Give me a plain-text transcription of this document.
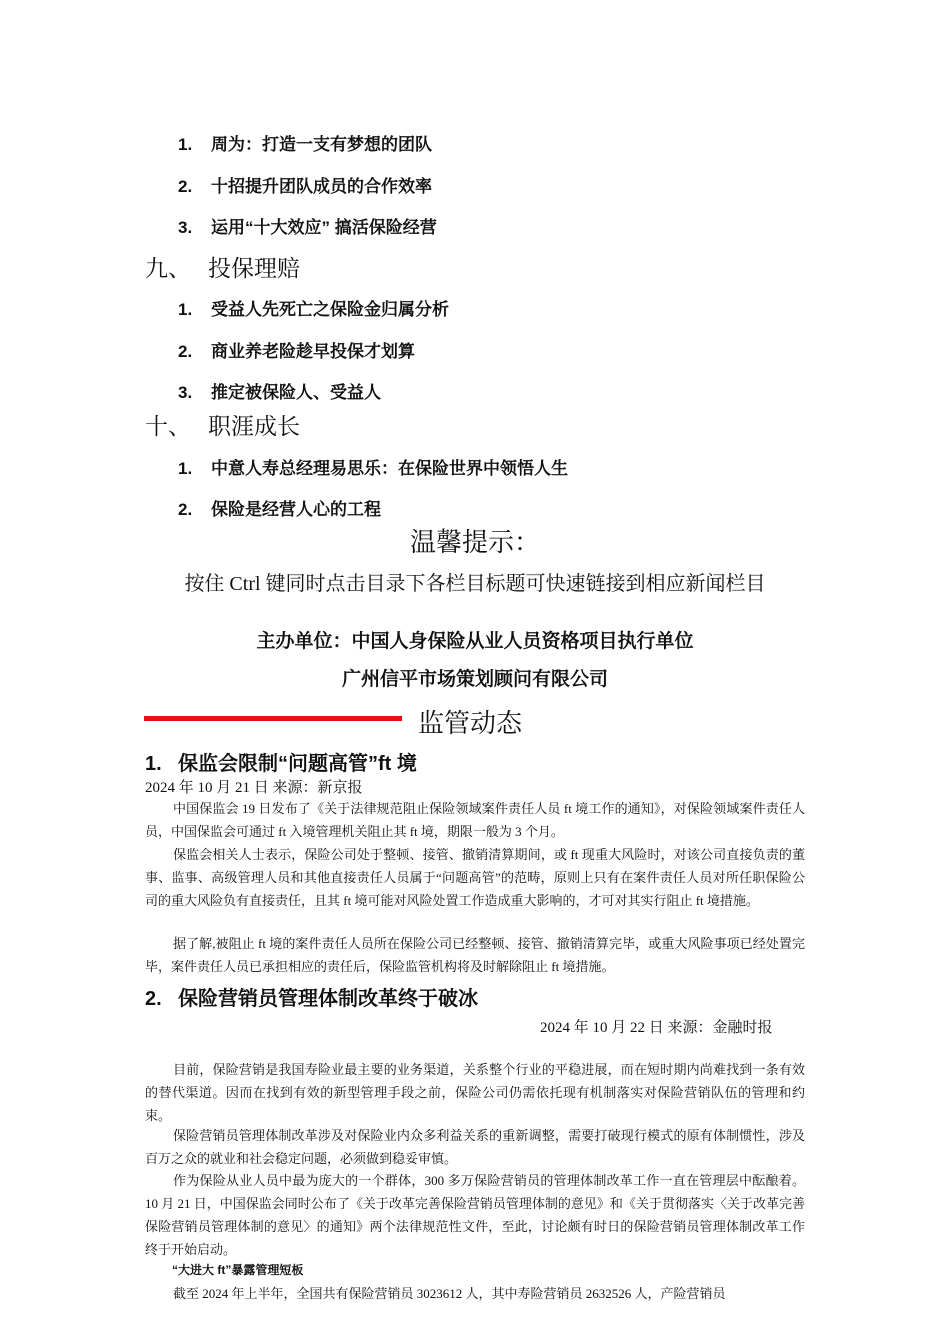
1. 周为：打造一支有梦想的团队
2. 十招提升团队成员的合作效率
3. 运用“十大效应” 搞活保险经营
九、 投保理赔
1. 受益人先死亡之保险金归属分析
2. 商业养老险趁早投保才划算
3. 推定被保险人、受益人
十、 职涯成长
1. 中意人寿总经理易思乐：在保险世界中领悟人生
2. 保险是经营人心的工程
温馨提示：
按住 Ctrl 键同时点击目录下各栏目标题可快速链接到相应新闻栏目
主办单位：中国人身保险从业人员资格项目执行单位
广州信平市场策划顾问有限公司
监管动态
1. 保监会限制“问题高管”ft 境
2024 年 10 月 21 日 来源：新京报

中国保监会 19 日发布了《关于法律规范阻止保险领域案件责任人员 ft 境工作的通知》，对保险领域案件责任人员，中国保监会可通过 ft 入境管理机关阻止其 ft 境，期限一般为 3 个月。

保监会相关人士表示，保险公司处于整顿、接管、撤销清算期间，或 ft 现重大风险时，对该公司直接负责的董事、监事、高级管理人员和其他直接责任人员属于“问题高管”的范畴，原则上只有在案件责任人员对所任职保险公司的重大风险负有直接责任，且其 ft 境可能对风险处置工作造成重大影响的，才可对其实行阻止 ft 境措施。

据了解,被阻止 ft 境的案件责任人员所在保险公司已经整顿、接管、撤销清算完毕，或重大风险事项已经处置完毕，案件责任人员已承担相应的责任后，保险监管机构将及时解除阻止 ft 境措施。

2. 保险营销员管理体制改革终于破冰
2024 年 10 月 22 日 来源：金融时报

目前，保险营销是我国寿险业最主要的业务渠道，关系整个行业的平稳进展，而在短时期内尚难找到一条有效的替代渠道。因而在找到有效的新型管理手段之前，保险公司仍需依托现有机制落实对保险营销队伍的管理和约束。

保险营销员管理体制改革涉及对保险业内众多利益关系的重新调整，需要打破现行模式的原有体制惯性，涉及百万之众的就业和社会稳定问题，必须做到稳妥审慎。

作为保险从业人员中最为庞大的一个群体，300 多万保险营销员的管理体制改革工作一直在管理层中酝酿着。10 月 21 日，中国保监会同时公布了《关于改革完善保险营销员管理体制的意见》和《关于贯彻落实〈关于改革完善保险营销员管理体制的意见〉的通知》两个法律规范性文件，至此，讨论颇有时日的保险营销员管理体制改革工作终于开始启动。

“大进大 ft”暴露管理短板

截至 2024 年上半年，全国共有保险营销员 3023612 人，其中寿险营销员 2632526 人，产险营销员
